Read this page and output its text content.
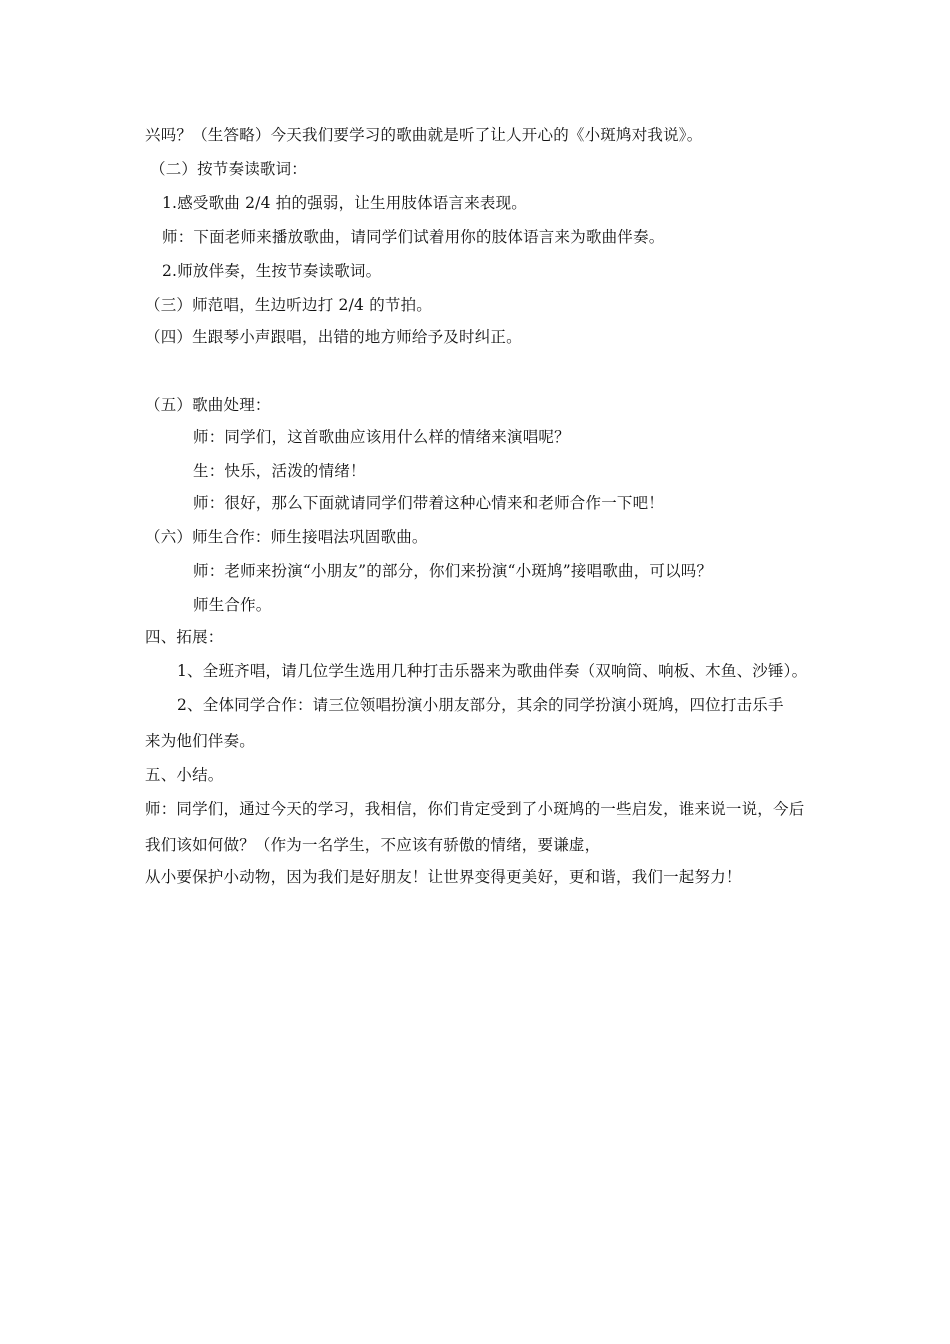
兴吗？（生答略）今天我们要学习的歌曲就是听了让人开心的《小斑鸠对我说》。
（二）按节奏读歌词：
1.感受歌曲 2/4 拍的强弱，让生用肢体语言来表现。
师：下面老师来播放歌曲，请同学们试着用你的肢体语言来为歌曲伴奏。
2.师放伴奏，生按节奏读歌词。
（三）师范唱，生边听边打 2/4 的节拍。
（四）生跟琴小声跟唱，出错的地方师给予及时纠正。
（五）歌曲处理：
师：同学们，这首歌曲应该用什么样的情绪来演唱呢？
生：快乐，活泼的情绪！
师：很好，那么下面就请同学们带着这种心情来和老师合作一下吧！
（六）师生合作：师生接唱法巩固歌曲。
师：老师来扮演“小朋友”的部分，你们来扮演“小斑鸠”接唱歌曲，可以吗？
师生合作。
四、拓展：
1、全班齐唱，请几位学生选用几种打击乐器来为歌曲伴奏（双响筒、响板、木鱼、沙锤）。
2、全体同学合作：请三位领唱扮演小朋友部分，其余的同学扮演小斑鸠，四位打击乐手
来为他们伴奏。
五、小结。
师：同学们，通过今天的学习，我相信，你们肯定受到了小斑鸠的一些启发，谁来说一说，今后
我们该如何做？（作为一名学生，不应该有骄傲的情绪，要谦虚，
从小要保护小动物，因为我们是好朋友！让世界变得更美好，更和谐，我们一起努力！
